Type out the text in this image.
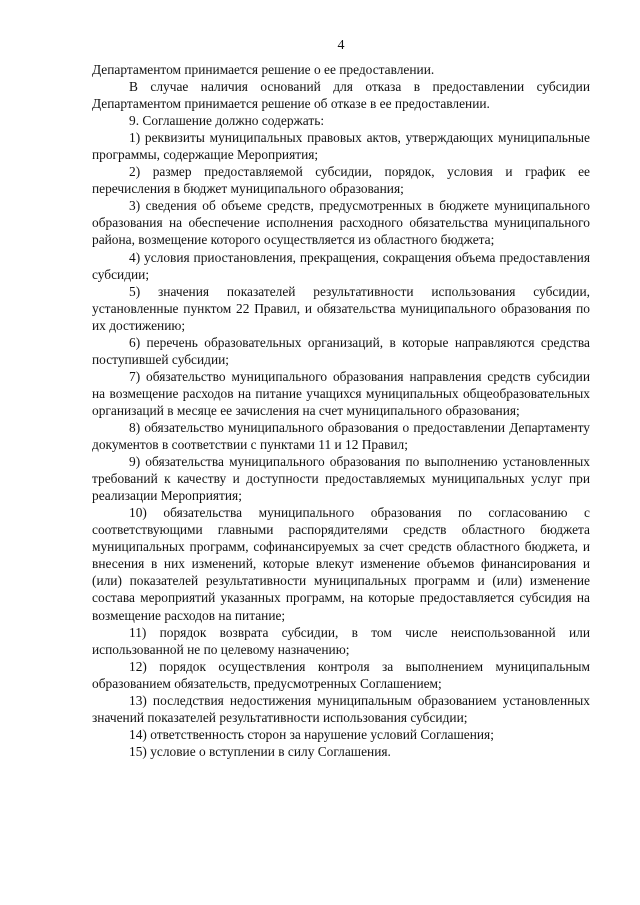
4

Департаментом принимается решение о ее предоставлении.

В случае наличия оснований для отказа в предоставлении субсидии Департаментом принимается решение об отказе в ее предоставлении.

9. Соглашение должно содержать:

1) реквизиты муниципальных правовых актов, утверждающих муниципальные программы, содержащие Мероприятия;

2) размер предоставляемой субсидии, порядок, условия и график ее перечисления в бюджет муниципального образования;

3) сведения об объеме средств, предусмотренных в бюджете муниципального образования на обеспечение исполнения расходного обязательства муниципального района, возмещение которого осуществляется из областного бюджета;

4) условия приостановления, прекращения, сокращения объема предоставления субсидии;

5) значения показателей результативности использования субсидии, установленные пунктом 22 Правил, и обязательства муниципального образования по их достижению;

6) перечень образовательных организаций, в которые направляются средства поступившей субсидии;

7) обязательство муниципального образования направления средств субсидии на возмещение расходов на питание учащихся муниципальных общеобразовательных организаций в месяце ее зачисления на счет муниципального образования;

8) обязательство муниципального образования о предоставлении Департаменту документов в соответствии с пунктами 11 и 12 Правил;

9) обязательства муниципального образования по выполнению установленных требований к качеству и доступности предоставляемых муниципальных услуг при реализации Мероприятия;

10) обязательства муниципального образования по согласованию с соответствующими главными распорядителями средств областного бюджета муниципальных программ, софинансируемых за счет средств областного бюджета, и внесения в них изменений, которые влекут изменение объемов финансирования и (или) показателей результативности муниципальных программ и (или) изменение состава мероприятий указанных программ, на которые предоставляется субсидия на возмещение расходов на питание;

11) порядок возврата субсидии, в том числе неиспользованной или использованной не по целевому назначению;

12) порядок осуществления контроля за выполнением муниципальным образованием обязательств, предусмотренных Соглашением;

13) последствия недостижения муниципальным образованием установленных значений показателей результативности использования субсидии;

14) ответственность сторон за нарушение условий Соглашения;

15) условие о вступлении в силу Соглашения.
